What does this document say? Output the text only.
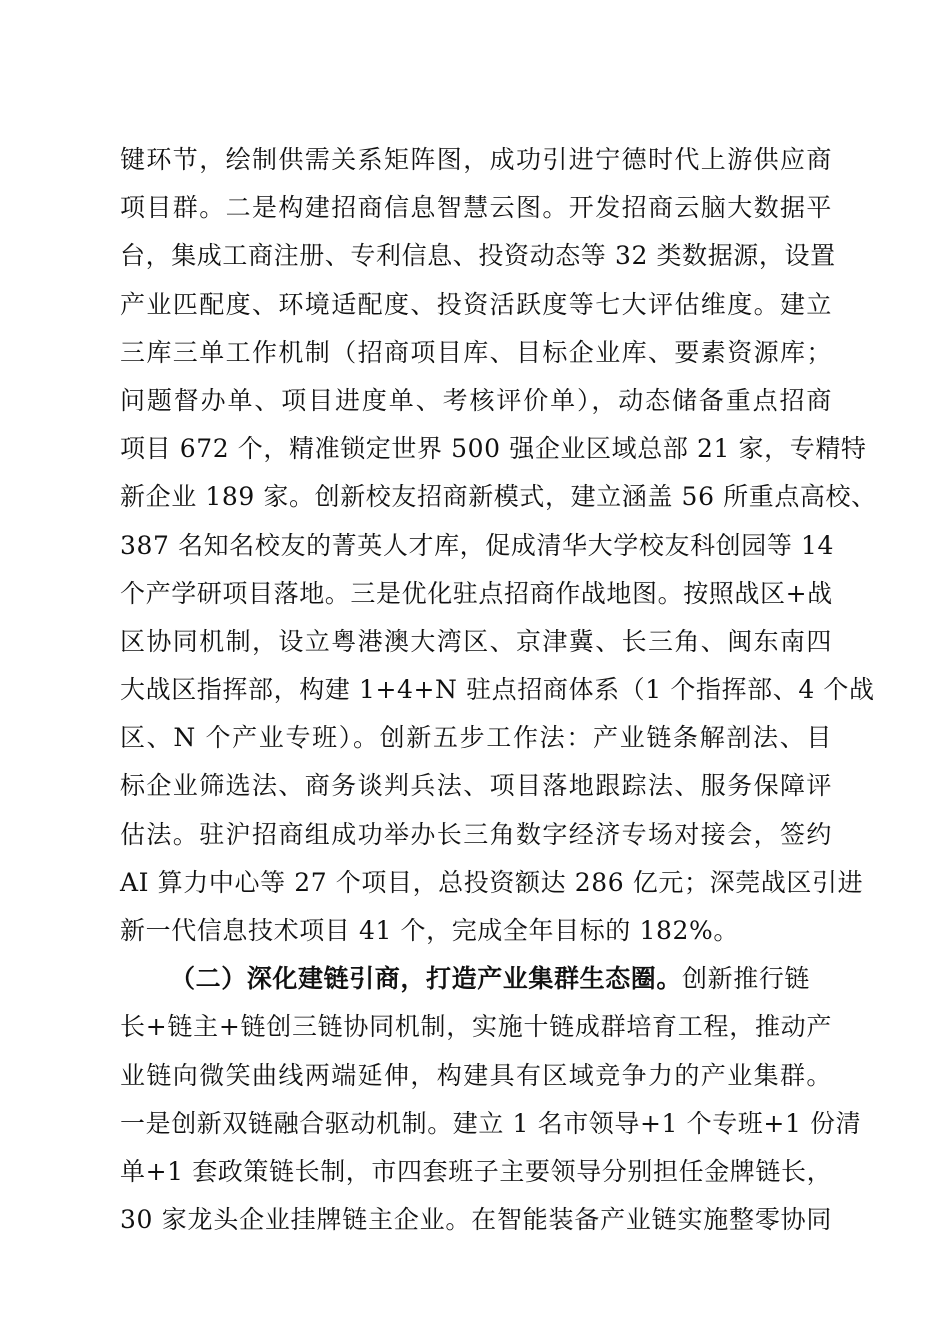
键环节，绘制供需关系矩阵图，成功引进宁德时代上游供应商
项目群。二是构建招商信息智慧云图。开发招商云脑大数据平
台，集成工商注册、专利信息、投资动态等 32 类数据源，设置
产业匹配度、环境适配度、投资活跃度等七大评估维度。建立
三库三单工作机制（招商项目库、目标企业库、要素资源库；
问题督办单、项目进度单、考核评价单），动态储备重点招商
项目 672 个，精准锁定世界 500 强企业区域总部 21 家，专精特
新企业 189 家。创新校友招商新模式，建立涵盖 56 所重点高校、
387 名知名校友的菁英人才库，促成清华大学校友科创园等 14
个产学研项目落地。三是优化驻点招商作战地图。按照战区+战
区协同机制，设立粤港澳大湾区、京津冀、长三角、闽东南四
大战区指挥部，构建 1+4+N 驻点招商体系（1 个指挥部、4 个战
区、N 个产业专班）。创新五步工作法：产业链条解剖法、目
标企业筛选法、商务谈判兵法、项目落地跟踪法、服务保障评
估法。驻沪招商组成功举办长三角数字经济专场对接会，签约
AI 算力中心等 27 个项目，总投资额达 286 亿元；深莞战区引进
新一代信息技术项目 41 个，完成全年目标的 182%。
（二）深化建链引商，打造产业集群生态圈。创新推行链
长+链主+链创三链协同机制，实施十链成群培育工程，推动产
业链向微笑曲线两端延伸，构建具有区域竞争力的产业集群。
一是创新双链融合驱动机制。建立 1 名市领导+1 个专班+1 份清
单+1 套政策链长制，市四套班子主要领导分别担任金牌链长，
30 家龙头企业挂牌链主企业。在智能装备产业链实施整零协同
